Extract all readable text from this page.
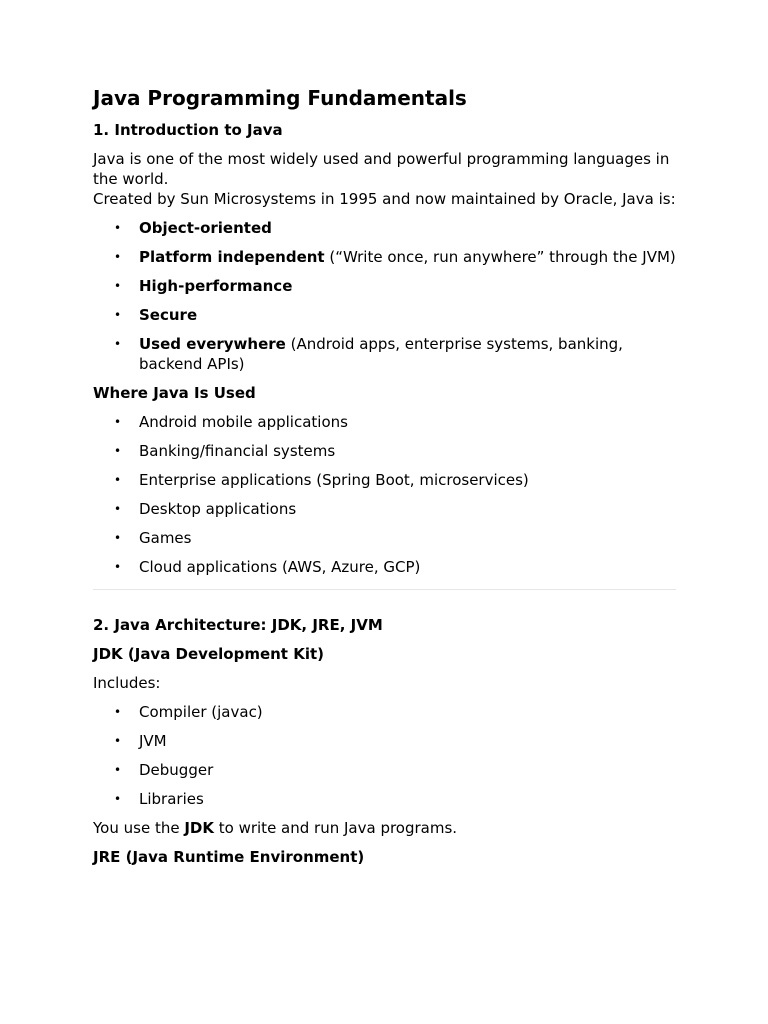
Java Programming Fundamentals
1. Introduction to Java

Java is one of the most widely used and powerful programming languages in the world.
Created by Sun Microsystems in 1995 and now maintained by Oracle, Java is:

• Object-oriented
• Platform independent (“Write once, run anywhere” through the JVM)
• High-performance
• Secure
• Used everywhere (Android apps, enterprise systems, banking, backend APIs)
Where Java Is Used
• Android mobile applications
• Banking/financial systems
• Enterprise applications (Spring Boot, microservices)
• Desktop applications
• Games
• Cloud applications (AWS, Azure, GCP)
2. Java Architecture: JDK, JRE, JVM
JDK (Java Development Kit)

Includes:

• Compiler (javac)
• JVM
• Debugger
• Libraries

You use the JDK to write and run Java programs.

JRE (Java Runtime Environment)
